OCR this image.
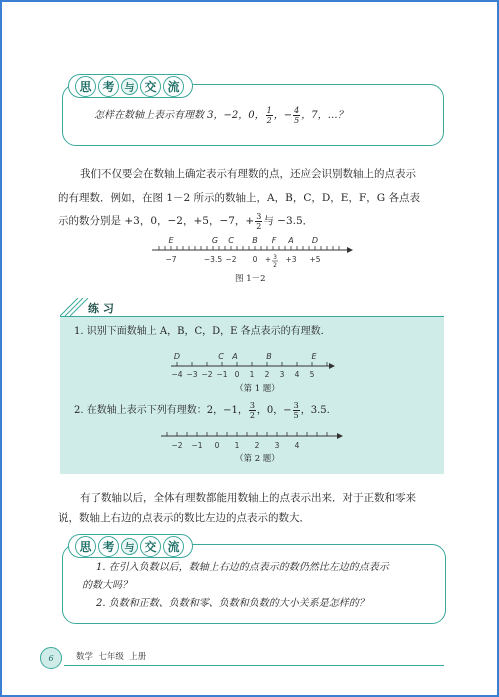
思 考	与 交 流
怎样在数轴上表示有理数 3，−2，0， $\frac{1}{2}$ ，− $\frac{4}{5}$ ，7，…？
我们不仅要会在数轴上确定表示有理数的点，还应会识别数轴上的点表示
的有理数．例如，在图 1－2 所示的数轴上，A，B，C，D，E，F，G 各点表
示的数分别是 +3，0，−2，+5，−7，+ $\frac{3}{2}$ 与 −3.5．
E	G C B F A D
−7	−3.5 −2 0 + 3
2
+3 +5
图 1－2
练 习
1. 识别下面数轴上 A，B，C，D，E 各点表示的有理数．
D	C A	B	E
−4 −3 −2 −1 0 1 2 3 4 5
（第 1 题）
2. 在数轴上表示下列有理数：2，−1， $\frac{3}{2}$ ，0，− $\frac{3}{5}$ ，3.5.
−2 −1 0 1 2 3 4
（第 2 题）
有了数轴以后，全体有理数都能用数轴上的点表示出来．对于正数和零来
说，数轴上右边的点表示的数比左边的点表示的数大．
思 考	与 交 流
1. 在引入负数以后，数轴上右边的点表示的数仍然比左边的点表示
的数大吗？
2. 负数和正数、负数和零、负数和负数的大小关系是怎样的？
6	数学  七年级  上册
